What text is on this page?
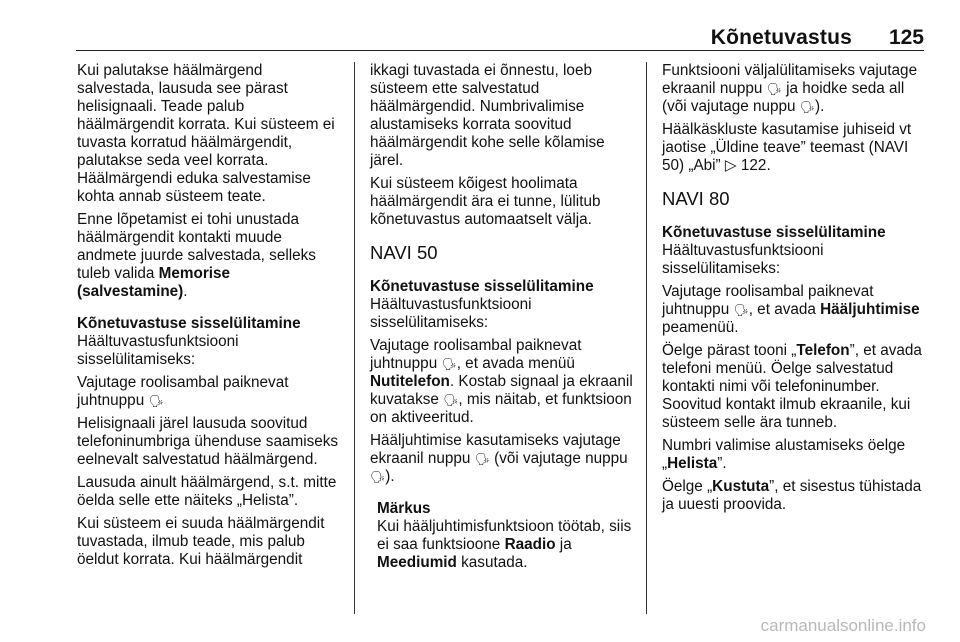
Kõnetuvastus 125

Kui palutakse häälmärgend salvestada, lausuda see pärast helisignaali. Teade palub häälmärgendit korrata. Kui süsteem ei tuvasta korratud häälmärgendit, palutakse seda veel korrata. Häälmärgendi eduka salvestamise kohta annab süsteem teate.

Enne lõpetamist ei tohi unustada häälmärgendit kontakti muude andmete juurde salvestada, selleks tuleb valida Memorise (salvestamine).

Kõnetuvastuse sisselülitamine

Häältuvastusfunktsiooni sisselülitamiseks:

Vajutage roolisambal paiknevat juhtnuppu 🗣

Helisignaali järel lausuda soovitud telefoninumbriga ühenduse saamiseks eelnevalt salvestatud häälmärgend.

Lausuda ainult häälmärgend, s.t. mitte öelda selle ette näiteks „Helista”.

Kui süsteem ei suuda häälmärgendit tuvastada, ilmub teade, mis palub öeldut korrata. Kui häälmärgendit

ikkagi tuvastada ei õnnestu, loeb süsteem ette salvestatud häälmärgendid. Numbrivalimise alustamiseks korrata soovitud häälmärgendit kohe selle kõlamise järel.

Kui süsteem kõigest hoolimata häälmärgendit ära ei tunne, lülitub kõnetuvastus automaatselt välja.

NAVI 50

Kõnetuvastuse sisselülitamine

Häältuvastusfunktsiooni sisselülitamiseks:

Vajutage roolisambal paiknevat juhtnuppu 🗣, et avada menüü Nutitelefon. Kostab signaal ja ekraanil kuvatakse 🗣, mis näitab, et funktsioon on aktiveeritud.

Hääljuhtimise kasutamiseks vajutage ekraanil nuppu 🗣 (või vajutage nuppu 🗣).

Märkus
Kui hääljuhtimisfunktsioon töötab, siis ei saa funktsioone Raadio ja Meediumid kasutada.

Funktsiooni väljalülitamiseks vajutage ekraanil nuppu 🗣 ja hoidke seda all (või vajutage nuppu 🗣).

Häälkäskluste kasutamise juhiseid vt jaotise „Üldine teave” teemast (NAVI 50) „Abi” ▷ 122.

NAVI 80

Kõnetuvastuse sisselülitamine

Häältuvastusfunktsiooni sisselülitamiseks:

Vajutage roolisambal paiknevat juhtnuppu 🗣, et avada Hääljuhtimise peamenüü.

Öelge pärast tooni „Telefon”, et avada telefoni menüü. Öelge salvestatud kontakti nimi või telefoninumber. Soovitud kontakt ilmub ekraanile, kui süsteem selle ära tunneb.

Numbri valimise alustamiseks öelge „Helista”.

Öelge „Kustuta”, et sisestus tühistada ja uuesti proovida.

carmanualsonline.info
